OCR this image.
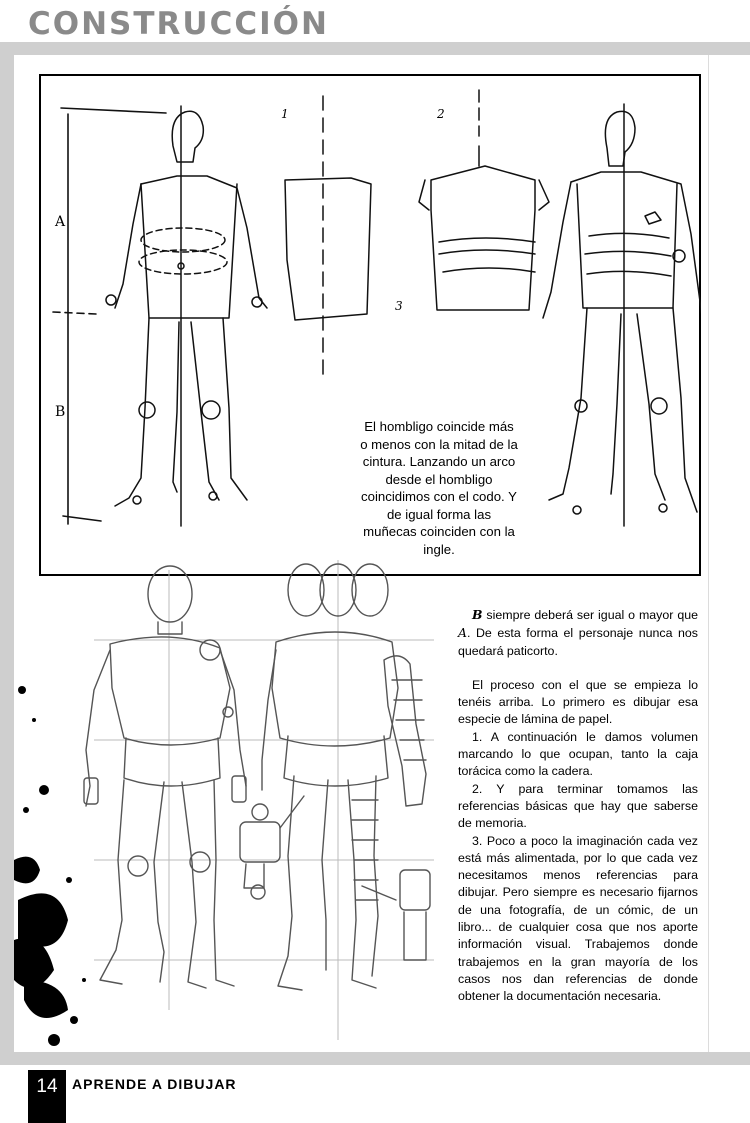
CONSTRUCCIÓN
A
B
1	2
3
El hombligo coincide más o menos con la mitad de la cintura. Lanzando un arco desde el hombligo coincidimos con el codo. Y de igual forma las muñecas coinciden con la ingle.

B siempre deberá ser igual o mayor que A. De esta forma el personaje nunca nos quedará paticorto.

El proceso con el que se empieza lo tenéis arriba. Lo primero es dibujar esa especie de lámina de papel.

1. A continuación le damos volumen marcando lo que ocupan, tanto la caja torácica como la cadera.

2. Y para terminar tomamos las referencias básicas que hay que saberse de memoria.

3. Poco a poco la imaginación cada vez está más alimentada, por lo que cada vez necesitamos menos referencias para dibujar. Pero siempre es necesario fijarnos de una fotografía, de un cómic, de un libro... de cualquier cosa que nos aporte información visual. Trabajemos donde trabajemos en la gran mayoría de los casos nos dan referencias de donde obtener la documentación necesaria.

14	APRENDE A DIBUJAR
